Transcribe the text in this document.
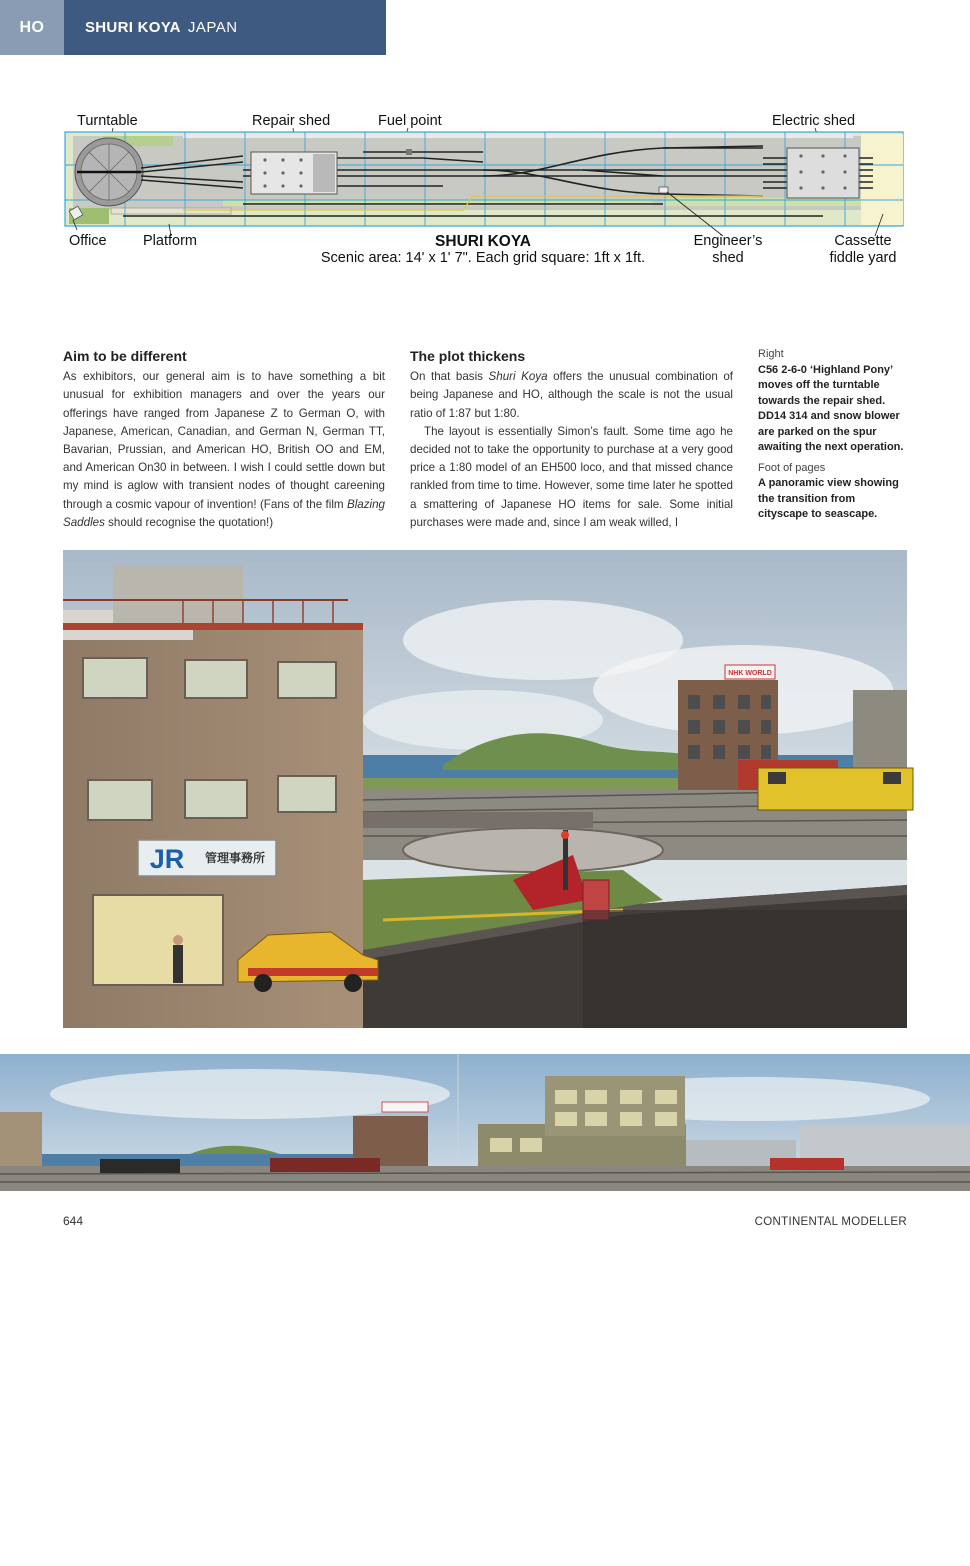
HO	SHURI KOYA JAPAN
Turntable	Repair shed	Fuel point	Electric shed
Office	Platform	Engineer’s
shed
Cassette
fiddle yard
SHURI KOYA
Scenic area: 14' x 1' 7". Each grid square: 1ft x 1ft.
Aim to be different

As exhibitors, our general aim is to have something a bit unusual for exhibition managers and over the years our offerings have ranged from Japanese Z to German O, with Japanese, American, Canadian, and German N, German TT, Bavarian, Prussian, and American HO, British OO and EM, and American On30 in between. I wish I could settle down but my mind is aglow with transient nodes of thought careening through a cosmic vapour of invention! (Fans of the film Blazing Saddles should recognise the quotation!)

The plot thickens

On that basis Shuri Koya offers the unusual combination of being Japanese and HO, although the scale is not the usual ratio of 1:87 but 1:80.

The layout is essentially Simon’s fault. Some time ago he decided not to take the opportunity to purchase at a very good price a 1:80 model of an EH500 loco, and that missed chance rankled from time to time. However, some time later he spotted a smattering of Japanese HO items for sale. Some initial purchases were made and, since I am weak willed, I

Right
C56 2-6-0 ‘Highland Pony’ moves off the turntable towards the repair shed. DD14 314 and snow blower are parked on the spur awaiting the next operation.
Foot of pages
A panoramic view showing the transition from cityscape to seascape.
NHK WORLD
JR 管理事務所
Above
The JR office is a hive of activity.
At the doorway a harrassed businessman
tries to conclude a deal while waiting for the taxi.
A TV crew uses the roof as a vantage point to film
the catenary maintenance railcar and the snow blower.
644	CONTINENTAL MODELLER
